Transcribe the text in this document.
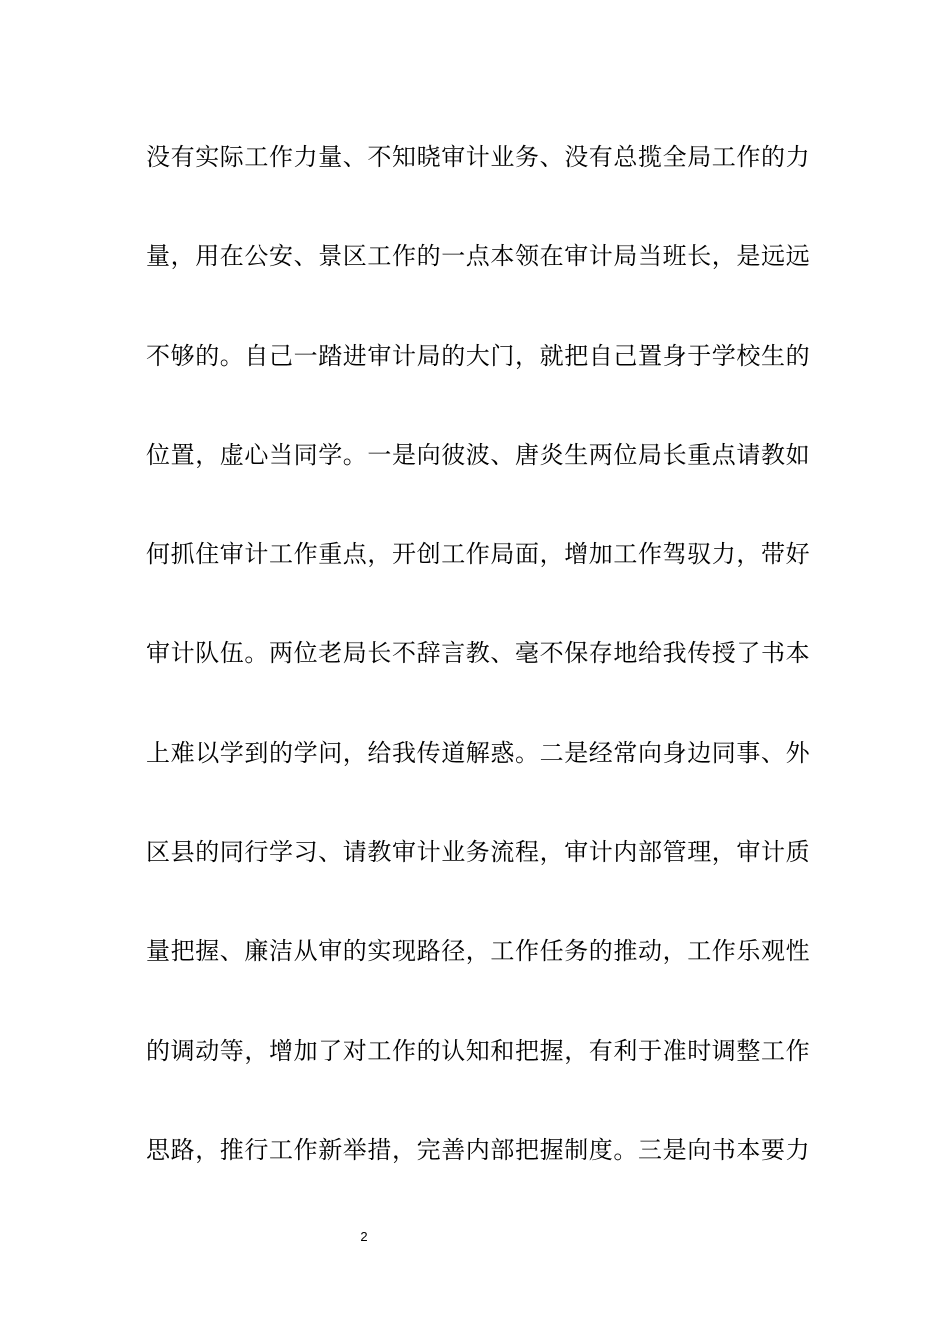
没有实际工作力量、不知晓审计业务、没有总揽全局工作的力
量，用在公安、景区工作的一点本领在审计局当班长，是远远
不够的。自己一踏进审计局的大门，就把自己置身于学校生的
位置，虚心当同学。一是向彼波、唐炎生两位局长重点请教如
何抓住审计工作重点，开创工作局面，增加工作驾驭力，带好
审计队伍。两位老局长不辞言教、毫不保存地给我传授了书本
上难以学到的学问，给我传道解惑。二是经常向身边同事、外
区县的同行学习、请教审计业务流程，审计内部管理，审计质
量把握、廉洁从审的实现路径，工作任务的推动，工作乐观性
的调动等，增加了对工作的认知和把握，有利于准时调整工作
思路，推行工作新举措，完善内部把握制度。三是向书本要力
2
